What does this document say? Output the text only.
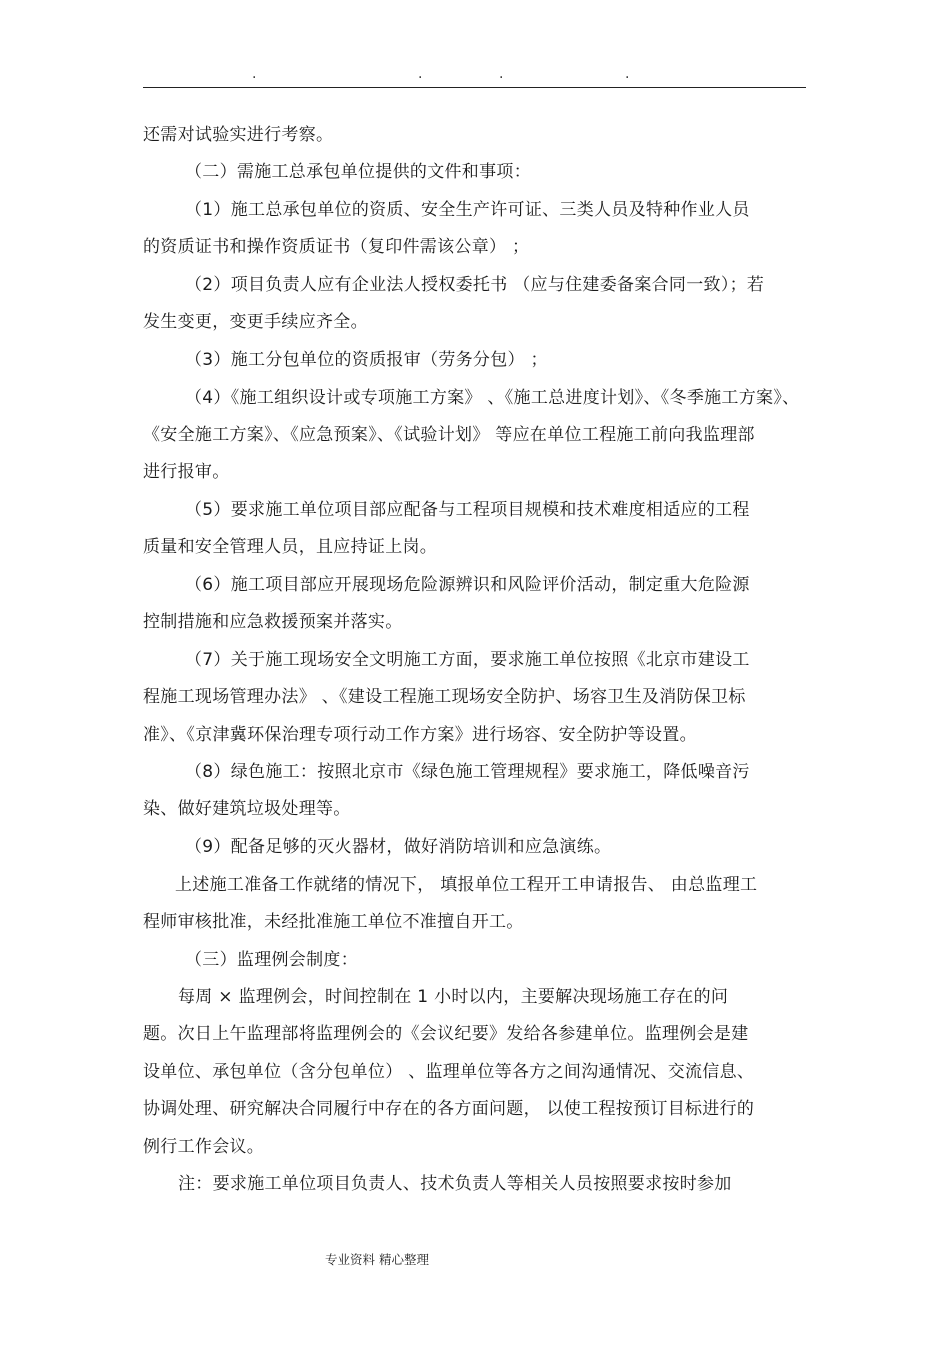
.	.	.	.
还需对试验实进行考察。
（二）需施工总承包单位提供的文件和事项：
（1）施工总承包单位的资质、安全生产许可证、三类人员及特种作业人员
的资质证书和操作资质证书（复印件需该公章） ；
（2）项目负责人应有企业法人授权委托书 （应与住建委备案合同一致）；若
发生变更，变更手续应齐全。
（3）施工分包单位的资质报审（劳务分包） ；
（4）《施工组织设计或专项施工方案》 、《施工总进度计划》、《冬季施工方案》、
《安全施工方案》、《应急预案》、《试验计划》 等应在单位工程施工前向我监理部
进行报审。
（5）要求施工单位项目部应配备与工程项目规模和技术难度相适应的工程
质量和安全管理人员，且应持证上岗。
（6）施工项目部应开展现场危险源辨识和风险评价活动，制定重大危险源
控制措施和应急救援预案并落实。
（7）关于施工现场安全文明施工方面，要求施工单位按照《北京市建设工
程施工现场管理办法》 、《建设工程施工现场安全防护、场容卫生及消防保卫标
准》、《京津冀环保治理专项行动工作方案》进行场容、安全防护等设置。
（8）绿色施工：按照北京市《绿色施工管理规程》要求施工，降低噪音污
染、做好建筑垃圾处理等。
（9）配备足够的灭火器材，做好消防培训和应急演练。
上述施工准备工作就绪的情况下， 填报单位工程开工申请报告、 由总监理工
程师审核批准，未经批准施工单位不准擅自开工。
（三）监理例会制度：
每周 × 监理例会，时间控制在 1 小时以内，主要解决现场施工存在的问
题。次日上午监理部将监理例会的《会议纪要》发给各参建单位。监理例会是建
设单位、承包单位（含分包单位） 、监理单位等各方之间沟通情况、交流信息、
协调处理、研究解决合同履行中存在的各方面问题， 以使工程按预订目标进行的
例行工作会议。
注：要求施工单位项目负责人、技术负责人等相关人员按照要求按时参加
专业资料 精心整理
